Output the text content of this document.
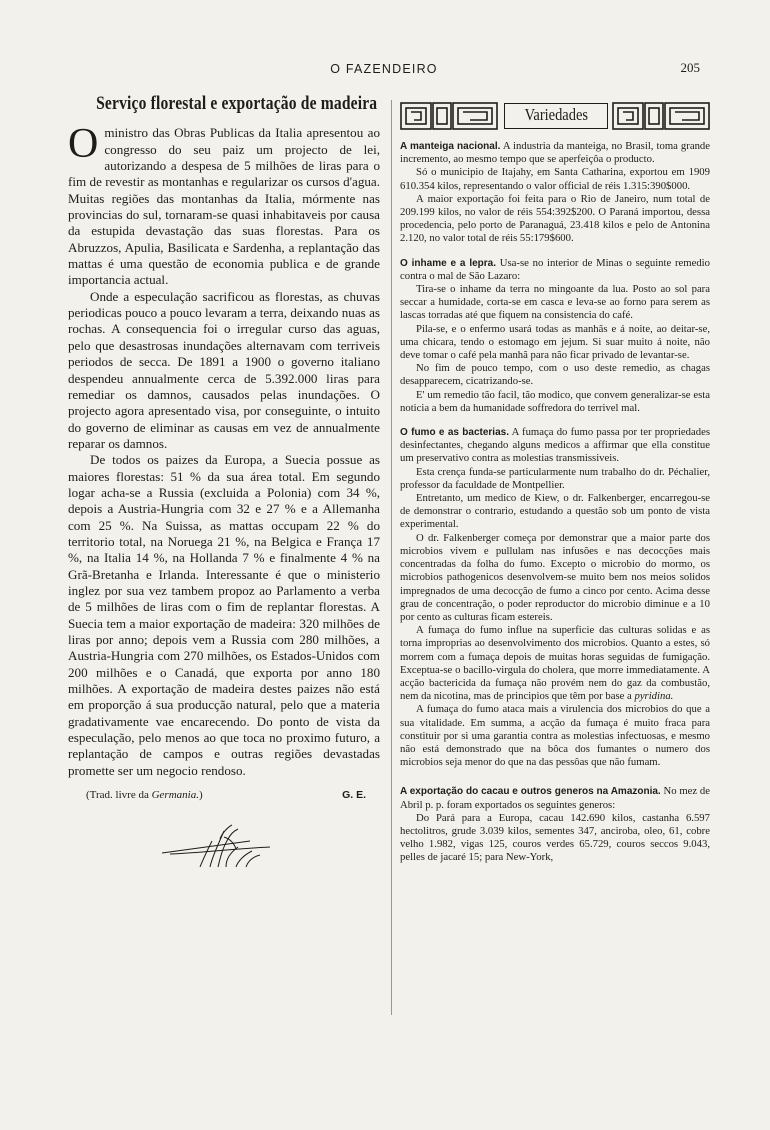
O FAZENDEIRO	205
Serviço florestal e exportação de madeira

Oministro das Obras Publicas da Italia apresentou ao congresso do seu paiz um projecto de lei, autorizando a despesa de 5 milhões de liras para o fim de revestir as montanhas e regularizar os cursos d'agua. Muitas regiões das montanhas da Italia, mórmente nas provincias do sul, tornaram-se quasi inhabitaveis por causa da estupida devastação das suas florestas. Para os Abruzzos, Apulia, Basilicata e Sardenha, a replantação das mattas é uma questão de economia publica e de grande importancia actual.

Onde a especulação sacrificou as florestas, as chuvas periodicas pouco a pouco levaram a terra, deixando nuas as rochas. A consequencia foi o irregular curso das aguas, pelo que desastrosas inundações alternavam com terriveis periodos de secca. De 1891 a 1900 o governo italiano despendeu annualmente cerca de 5.392.000 liras para remediar os damnos, causados pelas inundações. O projecto agora apresentado visa, por conseguinte, o intuito do governo de eliminar as causas em vez de annualmente reparar os damnos.

De todos os paizes da Europa, a Suecia possue as maiores florestas: 51 % da sua área total. Em segundo logar acha-se a Russia (excluida a Polonia) com 34 %, depois a Austria-Hungria com 32 e 27 % e a Allemanha com 25 %. Na Suissa, as mattas occupam 22 % do territorio total, na Noruega 21 %, na Belgica e França 17 %, na Italia 14 %, na Hollanda 7 % e finalmente 4 % na Grã-Bretanha e Irlanda. Interessante é que o ministerio inglez por sua vez tambem propoz ao Parlamento a verba de 5 milhões de liras com o fim de replantar florestas. A Suecia tem a maior exportação de madeira: 320 milhões de liras por anno; depois vem a Russia com 280 milhões, a Austria-Hungria com 270 milhões, os Estados-Unidos com 200 milhões e o Canadá, que exporta por anno 180 milhões. A exportação de madeira destes paizes não está em proporção á sua producção natural, pelo que a materia gradativamente vae encarecendo. Do ponto de vista da especulação, pelo menos ao que toca no proximo futuro, a replantação de campos e outras regiões devastadas promette ser um negocio rendoso.

(Trad. livre da Germania.)	G. E.
Variedades

A manteiga nacional. A industria da manteiga, no Brasil, toma grande incremento, ao mesmo tempo que se aperfeiçôa o producto.

Só o municipio de Itajahy, em Santa Catharina, exportou em 1909 610.354 kilos, representando o valor official de réis 1.315:390$000.

A maior exportação foi feita para o Rio de Janeiro, num total de 209.199 kilos, no valor de réis 554:392$200. O Paraná importou, dessa procedencia, pelo porto de Paranaguá, 23.418 kilos e pelo de Antonina 2.120, no valor total de réis 55:179$600.

O inhame e a lepra. Usa-se no interior de Minas o seguinte remedio contra o mal de São Lazaro:

Tira-se o inhame da terra no mingoante da lua. Posto ao sol para seccar a humidade, corta-se em casca e leva-se ao forno para serem as lascas torradas até que fiquem na consistencia do café.

Pila-se, e o enfermo usará todas as manhãs e á noite, ao deitar-se, uma chicara, tendo o estomago em jejum. Si suar muito á noite, não deve tomar o café pela manhã para não ficar privado de levantar-se.

No fim de pouco tempo, com o uso deste remedio, as chagas desapparecem, cicatrizando-se.

E' um remedio tão facil, tão modico, que convem generalizar-se esta noticia a bem da humanidade soffredora do terrivel mal.

O fumo e as bacterias. A fumaça do fumo passa por ter propriedades desinfectantes, chegando alguns medicos a affirmar que ella constitue um preservativo contra as molestias transmissiveis.

Esta crença funda-se particularmente num trabalho do dr. Péchalier, professor da faculdade de Montpellier.

Entretanto, um medico de Kiew, o dr. Falkenberger, encarregou-se de demonstrar o contrario, estudando a questão sob um ponto de vista experimental.

O dr. Falkenberger começa por demonstrar que a maior parte dos microbios vivem e pullulam nas infusões e nas decocções mais concentradas da folha do fumo. Excepto o microbio do mormo, os microbios pathogenicos desenvolvem-se muito bem nos meios solidos impregnados de uma decocção de fumo a cinco por cento. Acima desse grau de concentração, o poder reproductor do microbio diminue e a 10 por cento as culturas ficam estereis.

A fumaça do fumo influe na superficie das culturas solidas e as torna improprias ao desenvolvimento dos microbios. Quanto a estes, só morrem com a fumaça depois de muitas horas seguidas de fumigação. Exceptua-se o bacillo-virgula do cholera, que morre immediatamente. A acção bactericida da fumaça não provém nem do gaz da combustão, nem da nicotina, mas de principios que têm por base a pyridina.

A fumaça do fumo ataca mais a virulencia dos microbios do que a sua vitalidade. Em summa, a acção da fumaça é muito fraca para constituir por si uma garantia contra as molestias infectuosas, e mesmo não está demonstrado que na bôca dos fumantes o numero dos microbios seja menor do que na das pessôas que não fumam.

A exportação do cacau e outros generos na Amazonia. No mez de Abril p. p. foram exportados os seguintes generos:

Do Pará para a Europa, cacau 142.690 kilos, castanha 6.597 hectolitros, grude 3.039 kilos, sementes 347, anciroba, oleo, 61, cobre velho 1.982, vigas 125, couros verdes 65.729, couros seccos 9.043, pelles de jacaré 15; para New-York,
